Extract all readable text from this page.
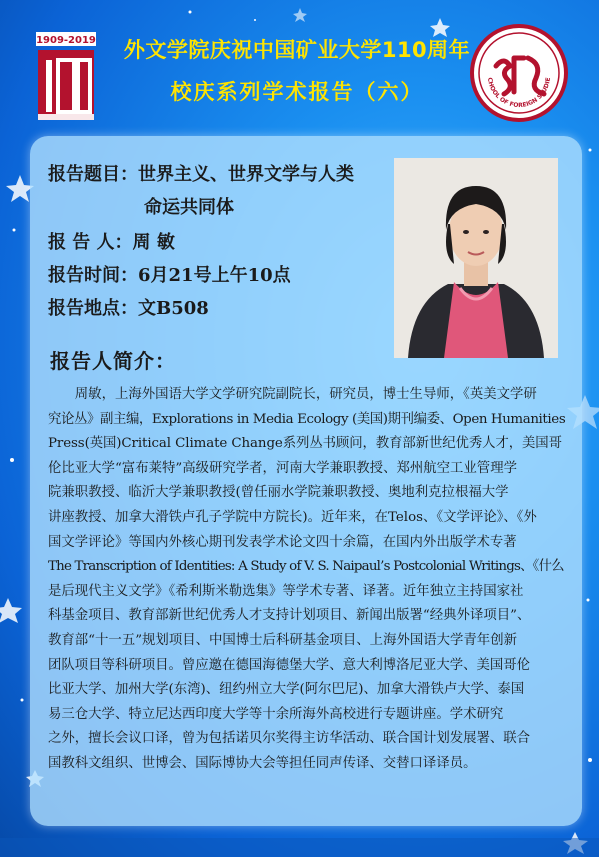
1909-2019	外文学院庆祝中国矿业大学110周年
校庆系列学术报告（六）
CHOOL OF FOREIGN STUDIE
报告题目：世界主义、世界文学与人类
命运共同体
报 告 人：周 敏
报告时间：6月21号上午10点
报告地点：文B508
报告人简介：
周敏，上海外国语大学文学研究院副院长，研究员，博士生导师，《英美文学研
究论丛》副主编，Explorations in Media Ecology (美国)期刊编委、Open Humanities
Press(英国)Critical Climate Change系列丛书顾问，教育部新世纪优秀人才，美国哥
伦比亚大学“富布莱特”高级研究学者，河南大学兼职教授、郑州航空工业管理学
院兼职教授、临沂大学兼职教授(曾任丽水学院兼职教授、奥地利克拉根福大学
讲座教授、加拿大滑铁卢孔子学院中方院长)。近年来，在Telos、《文学评论》、《外
国文学评论》等国内外核心期刊发表学术论文四十余篇，在国内外出版学术专著
The Transcription of Identities: A Study of V. S. Naipaul’s Postcolonial Writings、《什么
是后现代主义文学》《希利斯米勒选集》等学术专著、译著。近年独立主持国家社
科基金项目、教育部新世纪优秀人才支持计划项目、新闻出版署“经典外译项目”、
教育部“十一五”规划项目、中国博士后科研基金项目、上海外国语大学青年创新
团队项目等科研项目。曾应邀在德国海德堡大学、意大利博洛尼亚大学、美国哥伦
比亚大学、加州大学(东湾)、纽约州立大学(阿尔巴尼)、加拿大滑铁卢大学、泰国
易三仓大学、特立尼达西印度大学等十余所海外高校进行专题讲座。学术研究
之外，擅长会议口译，曾为包括诺贝尔奖得主访华活动、联合国计划发展署、联合
国教科文组织、世博会、国际博协大会等担任同声传译、交替口译译员。
